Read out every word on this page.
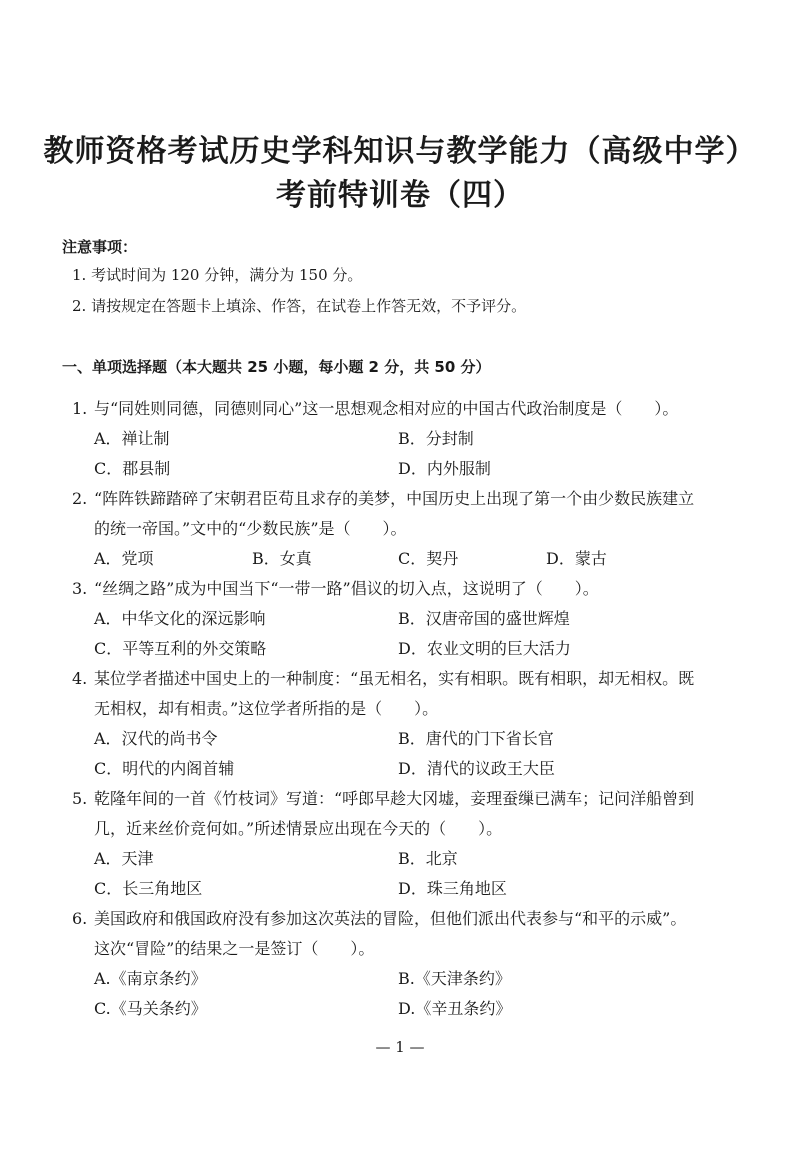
教师资格考试历史学科知识与教学能力（高级中学）
考前特训卷（四）
注意事项：
1. 考试时间为 120 分钟，满分为 150 分。
2. 请按规定在答题卡上填涂、作答，在试卷上作答无效，不予评分。
一、单项选择题（本大题共 25 小题，每小题 2 分，共 50 分）
1. 与“同姓则同德，同德则同心”这一思想观念相对应的中国古代政治制度是（　　）。
A．禅让制	B．分封制
C．郡县制	D．内外服制
2. “阵阵铁蹄踏碎了宋朝君臣苟且求存的美梦，中国历史上出现了第一个由少数民族建立
的统一帝国。”文中的“少数民族”是（　　）。
A．党项	B．女真	C．契丹	D．蒙古
3. “丝绸之路”成为中国当下“一带一路”倡议的切入点，这说明了（　　）。
A．中华文化的深远影响	B．汉唐帝国的盛世辉煌
C．平等互利的外交策略	D．农业文明的巨大活力
4. 某位学者描述中国史上的一种制度：“虽无相名，实有相职。既有相职，却无相权。既
无相权，却有相责。”这位学者所指的是（　　）。
A．汉代的尚书令	B．唐代的门下省长官
C．明代的内阁首辅	D．清代的议政王大臣
5. 乾隆年间的一首《竹枝词》写道：“呼郎早趁大冈墟，妾理蚕缫已满车；记问洋船曾到
几，近来丝价竞何如。”所述情景应出现在今天的（　　）。
A．天津	B．北京
C．长三角地区	D．珠三角地区
6. 美国政府和俄国政府没有参加这次英法的冒险，但他们派出代表参与“和平的示威”。
这次“冒险”的结果之一是签订（　　）。
A.《南京条约》	B.《天津条约》
C.《马关条约》	D.《辛丑条约》
— 1 —
